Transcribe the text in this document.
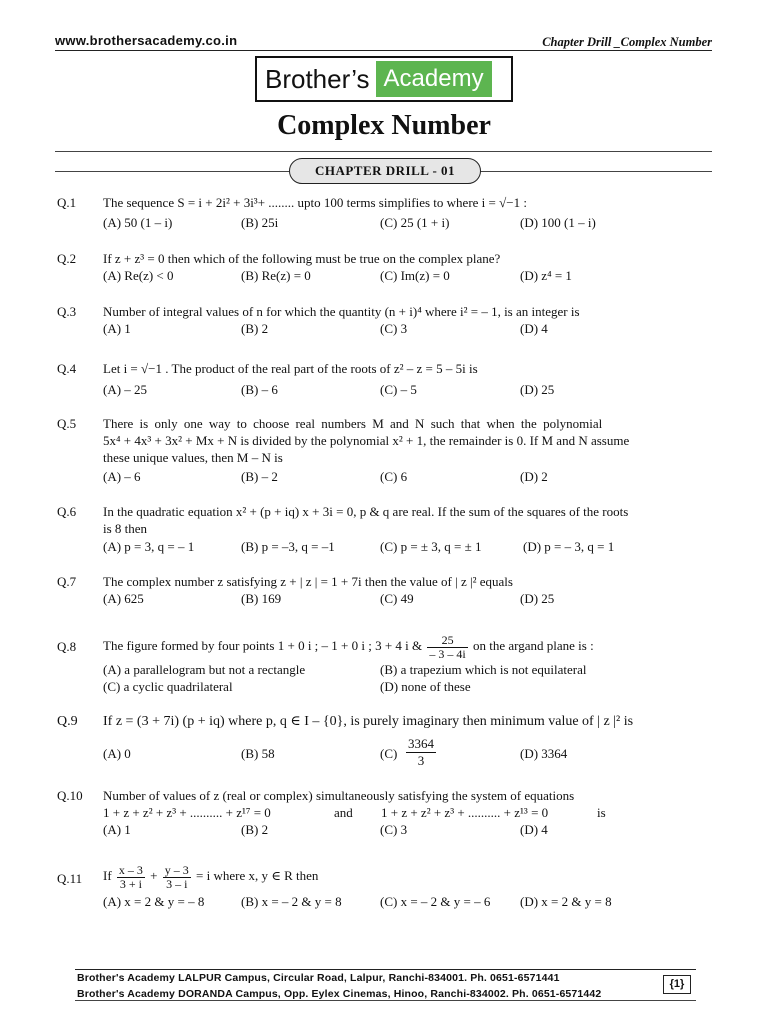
www.brothersacademy.co.in	Chapter Drill _Complex Number
Brother’s Academy
Complex Number
CHAPTER DRILL - 01
Q.1 The sequence S = i + 2i² + 3i³+ ........ upto 100 terms simplifies to where i = √−1 :
(A) 50 (1 – i)	(B) 25i	(C) 25 (1 + i)	(D) 100 (1 – i)
Q.2 If z + z³ = 0 then which of the following must be true on the complex plane?
(A) Re(z) < 0	(B) Re(z) = 0	(C) Im(z) = 0	(D) z⁴ = 1
Q.3 Number of integral values of n for which the quantity (n + i)⁴ where i² = – 1, is an integer is
(A) 1	(B) 2	(C) 3	(D) 4
Q.4 Let i = √−1 . The product of the real part of the roots of z² – z = 5 – 5i is
(A) – 25	(B) – 6	(C) – 5	(D) 25
Q.5 There is only one way to choose real numbers M and N such that when the polynomial
5x⁴ + 4x³ + 3x² + Mx + N is divided by the polynomial x² + 1, the remainder is 0. If M and N assume
these unique values, then M – N is
(A) – 6	(B) – 2	(C) 6	(D) 2
Q.6 In the quadratic equation x² + (p + iq) x + 3i = 0, p & q are real. If the sum of the squares of the roots
is 8 then
(A) p = 3, q = – 1	(B) p = –3, q = –1	(C) p = ± 3, q = ± 1	(D) p = – 3, q = 1
Q.7 The complex number z satisfying z + | z | = 1 + 7i then the value of | z |² equals
(A) 625	(B) 169	(C) 49	(D) 25
Q.8 The figure formed by four points 1 + 0 i ; – 1 + 0 i ; 3 + 4 i & $\frac{25}{- 3 - 4i}$ on the argand plane is :
(A) a parallelogram but not a rectangle	(B) a trapezium which is not equilateral
(C) a cyclic quadrilateral	(D) none of these
Q.9 If z = (3 + 7i) (p + iq) where p, q ∈ I – {0}, is purely imaginary then minimum value of | z |² is
(A) 0	(B) 58	$(C) \frac{3364}{3}$	(D) 3364
Q.10 Number of values of z (real or complex) simultaneously satisfying the system of equations
1 + z + z² + z³ + .......... + z¹⁷ = 0	and 1 + z + z² + z³ + .......... + z¹³ = 0	is
(A) 1	(B) 2	(C) 3	(D) 4
Q.11 If $\frac{x - 3}{3 + i} + \frac{y - 3}{3 - i} = i$ where x, y ∈ R then
(A) x = 2 & y = – 8	(B) x = – 2 & y = 8	(C) x = – 2 & y = – 6 (D) x = 2 & y = 8
Brother's Academy LALPUR Campus, Circular Road, Lalpur, Ranchi-834001. Ph. 0651-6571441
Brother's Academy DORANDA Campus, Opp. Eylex Cinemas, Hinoo, Ranchi-834002. Ph. 0651-6571442
{1}
